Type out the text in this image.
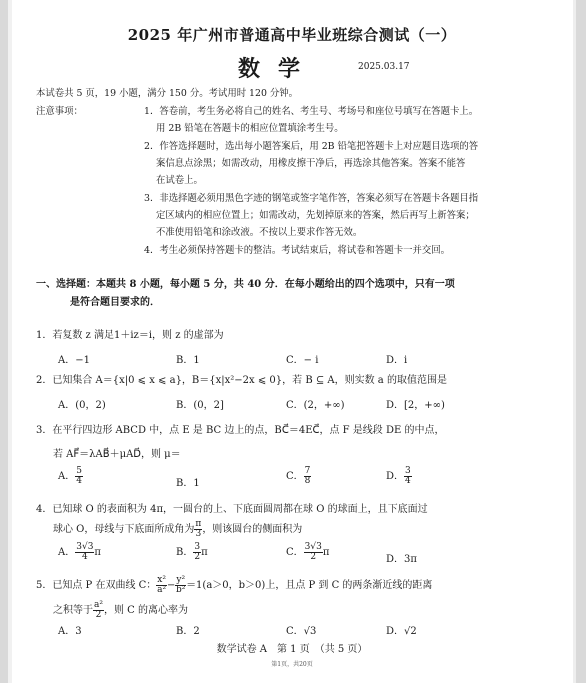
2025 年广州市普通高中毕业班综合测试（一）
数学	2025.03.17
本试卷共 5 页，19 小题，满分 150 分。考试用时 120 分钟。
注意事项：	1．答卷前，考生务必将自己的姓名、考生号、考场号和座位号填写在答题卡上。
用 2B 铅笔在答题卡的相应位置填涂考生号。
2．作答选择题时，选出每小题答案后，用 2B 铅笔把答题卡上对应题目选项的答
案信息点涂黑；如需改动，用橡皮擦干净后，再选涂其他答案。答案不能答
在试卷上。
3．非选择题必须用黑色字迹的钢笔或签字笔作答，答案必须写在答题卡各题目指
定区域内的相应位置上；如需改动，先划掉原来的答案，然后再写上新答案；
不准使用铅笔和涂改液。不按以上要求作答无效。
4．考生必须保持答题卡的整洁。考试结束后，将试卷和答题卡一并交回。
一、选择题：本题共 8 小题，每小题 5 分，共 40 分．在每小题给出的四个选项中，只有一项
是符合题目要求的．
1．若复数 z 满足1＋iz＝i，则 z 的虚部为
A．−1	B．1	C．− i	D．i
2．已知集合 A＝{x|0 ⩽ x ⩽ a}，B＝{x|x²−2x ⩽ 0}，若 B ⊆ A，则实数 a 的取值范围是
A．(0，2)	B．(0，2]	C．(2，+∞)	D．[2，+∞)
3．在平行四边形 ABCD 中，点 E 是 BC 边上的点，BC⃗＝4EC⃗，点 F 是线段 DE 的中点，
若 AF⃗＝λAB⃗＋μAD⃗，则 μ＝
A． $\frac{5}{4}$	B．1
C． $\frac{7}{8}$	D． $\frac{3}{4}$
4．已知球 O 的表面积为 4π，一圆台的上、下底面圆周都在球 O 的球面上，且下底面过
球心 O，母线与下底面所成角为 $\frac{\pi}{3}$ ，则该圆台的侧面积为
A． $\frac{3√3}{4}$ π	B． $\frac{3}{2}$ π	C． $\frac{3√3}{2}$ π
D．3π
5．已知点 P 在双曲线 C： $\frac{\text{x²}}{\text{a²}} - \frac{\text{y²}}{\text{b²}} =1(a>0$，b＞0)上，且点 P 到 C 的两条渐近线的距离
之积等于 $\frac{\text{a²}}{2}$ ，则 C 的离心率为
A．3	B．2	C．√3	D．√2
数学试卷 A　第 1 页　（共 5 页）
第1页，共20页
